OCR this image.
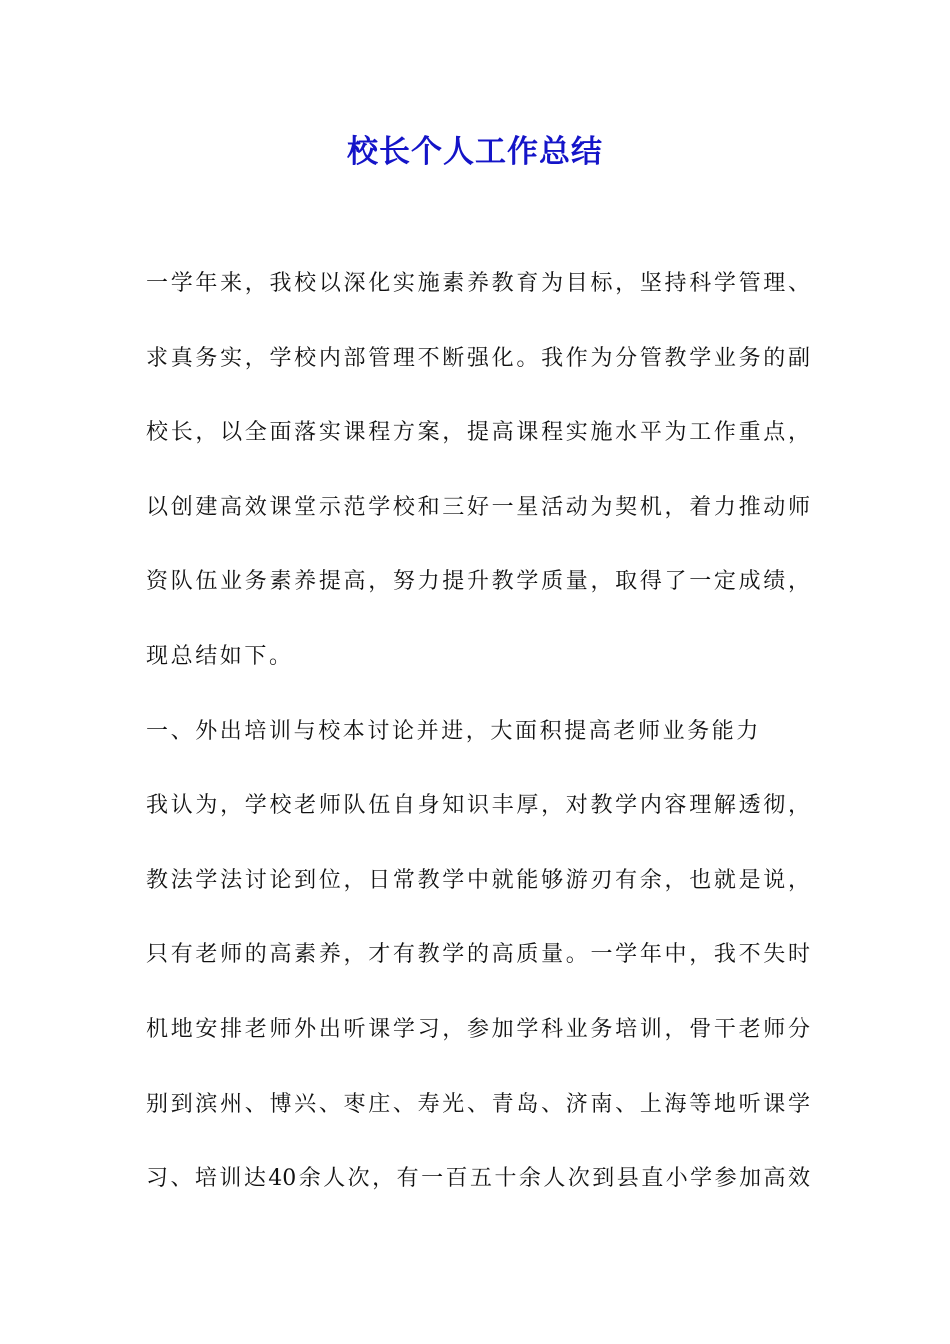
校长个人工作总结
一学年来，我校以深化实施素养教育为目标，坚持科学管理、
求真务实，学校内部管理不断强化。我作为分管教学业务的副
校长，以全面落实课程方案，提高课程实施水平为工作重点，
以创建高效课堂示范学校和三好一星活动为契机，着力推动师
资队伍业务素养提高，努力提升教学质量，取得了一定成绩，
现总结如下。
一、外出培训与校本讨论并进，大面积提高老师业务能力
我认为，学校老师队伍自身知识丰厚，对教学内容理解透彻，
教法学法讨论到位，日常教学中就能够游刃有余，也就是说，
只有老师的高素养，才有教学的高质量。一学年中，我不失时
机地安排老师外出听课学习，参加学科业务培训，骨干老师分
别到滨州、博兴、枣庄、寿光、青岛、济南、上海等地听课学
习、培训达40余人次，有一百五十余人次到县直小学参加高效
